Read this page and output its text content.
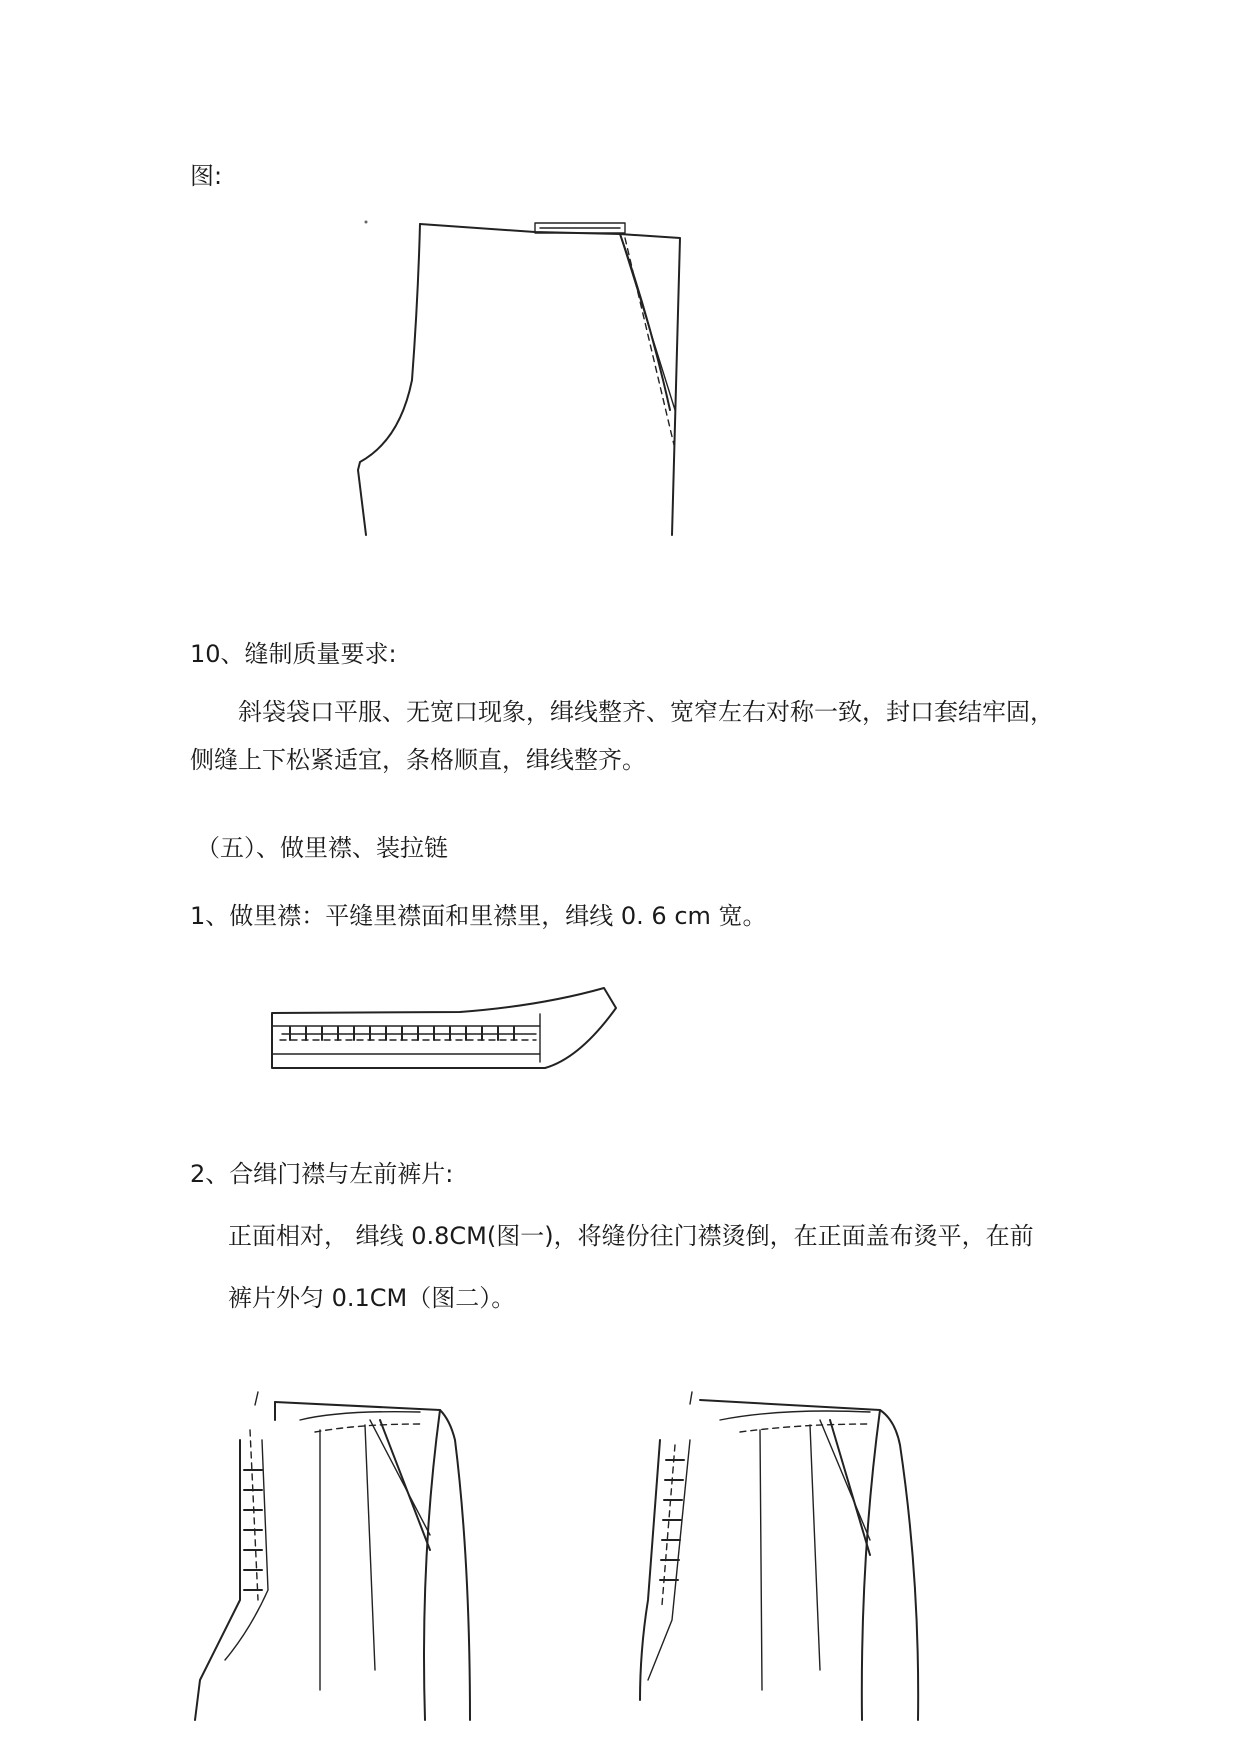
图:
10、缝制质量要求:
斜袋袋口平服、无宽口现象，缉线整齐、宽窄左右对称一致，封口套结牢固，
侧缝上下松紧适宜，条格顺直，缉线整齐。
（五）、做里襟、装拉链
1、做里襟：平缝里襟面和里襟里，缉线 0. 6 cm 宽。
2、合缉门襟与左前裤片:
正面相对， 缉线 0.8CM(图一)，将缝份往门襟烫倒，在正面盖布烫平，在前
裤片外匀 0.1CM（图二）。
